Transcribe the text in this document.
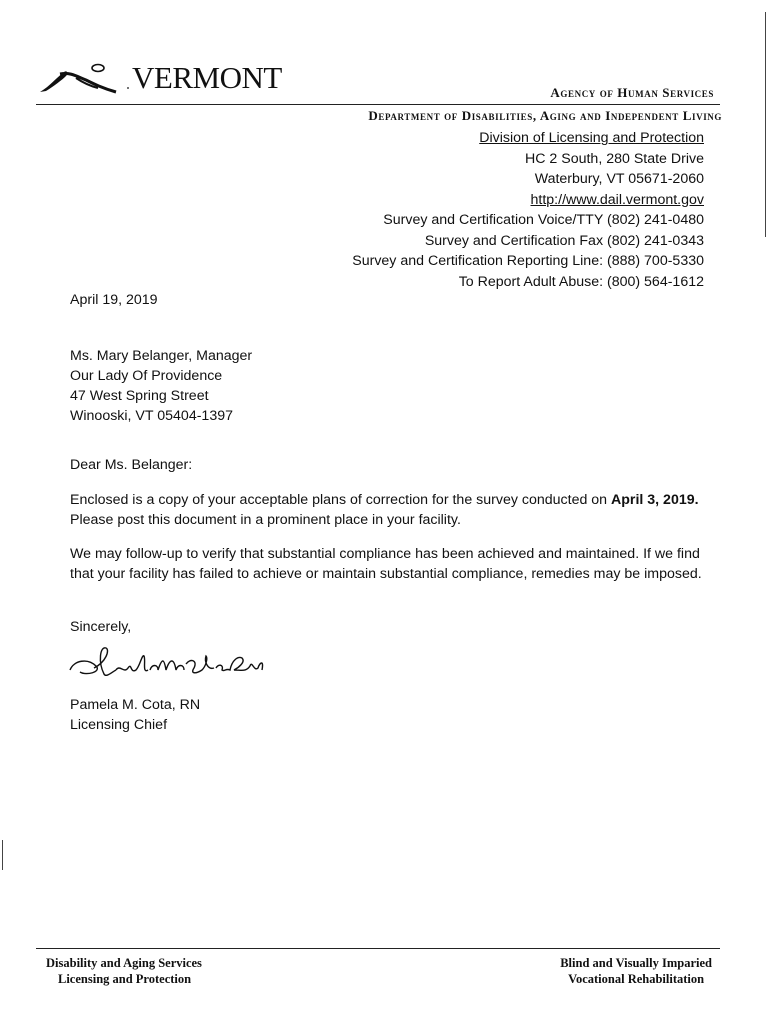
VERMONT	Agency of Human Services
Department of Disabilities, Aging and Independent Living
Division of Licensing and Protection
HC 2 South, 280 State Drive
Waterbury, VT 05671-2060
http://www.dail.vermont.gov
Survey and Certification Voice/TTY (802) 241-0480
Survey and Certification Fax (802) 241-0343
Survey and Certification Reporting Line: (888) 700-5330
To Report Adult Abuse: (800) 564-1612
April 19, 2019
Ms. Mary Belanger, Manager
Our Lady Of Providence
47 West Spring Street
Winooski, VT 05404-1397
Dear Ms. Belanger:
Enclosed is a copy of your acceptable plans of correction for the survey conducted on April 3, 2019. Please post this document in a prominent place in your facility.
We may follow-up to verify that substantial compliance has been achieved and maintained. If we find that your facility has failed to achieve or maintain substantial compliance, remedies may be imposed.
Sincerely,
Pamela M. Cota, RN
Licensing Chief
Disability and Aging Services
Licensing and Protection
Blind and Visually Imparied
Vocational Rehabilitation
